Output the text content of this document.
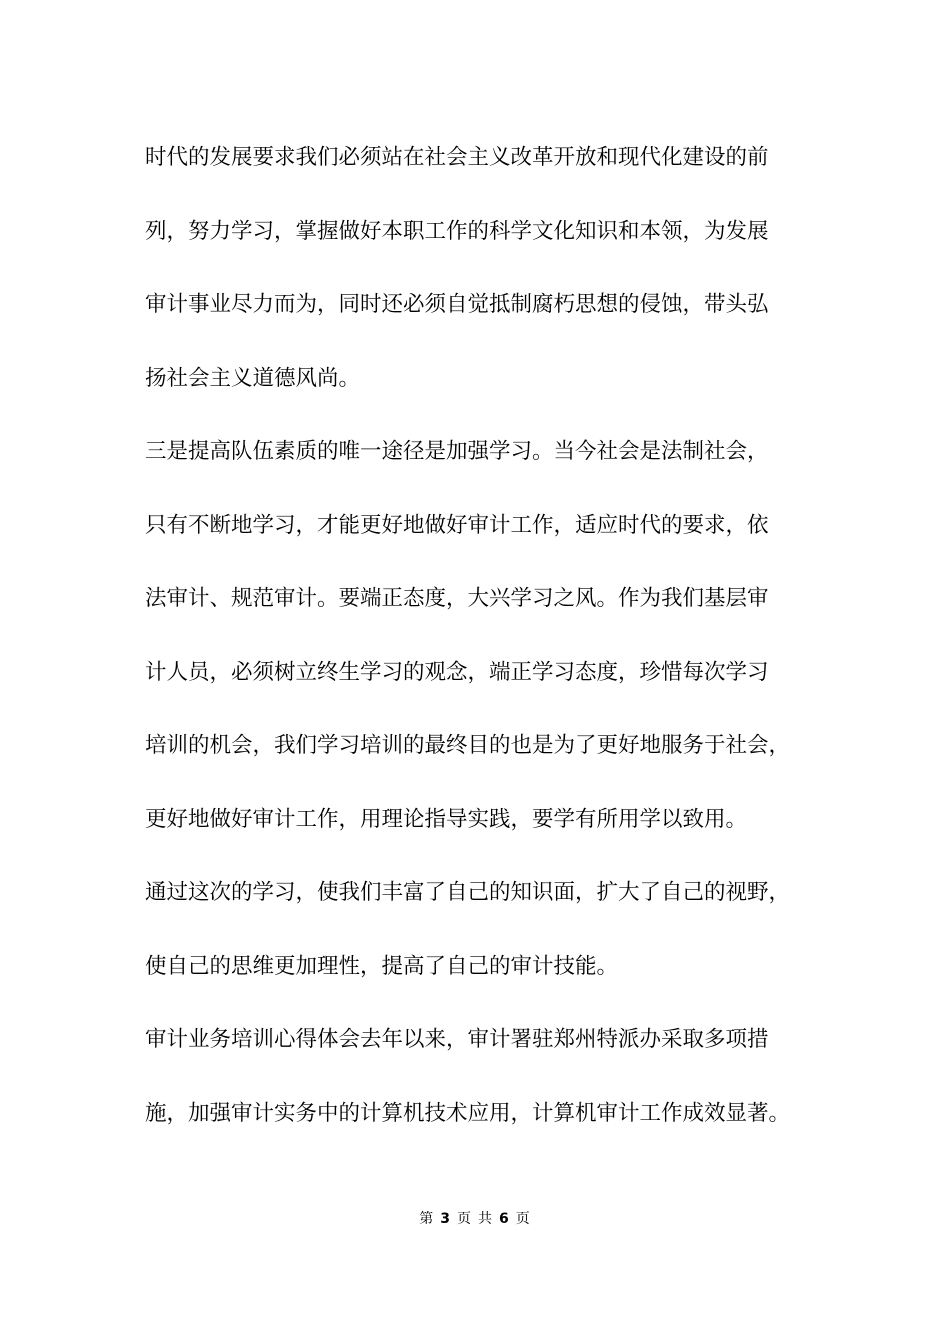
时代的发展要求我们必须站在社会主义改革开放和现代化建设的前
列，努力学习，掌握做好本职工作的科学文化知识和本领，为发展
审计事业尽力而为，同时还必须自觉抵制腐朽思想的侵蚀，带头弘
扬社会主义道德风尚。
三是提高队伍素质的唯一途径是加强学习。当今社会是法制社会，
只有不断地学习，才能更好地做好审计工作，适应时代的要求，依
法审计、规范审计。要端正态度，大兴学习之风。作为我们基层审
计人员，必须树立终生学习的观念，端正学习态度，珍惜每次学习
培训的机会，我们学习培训的最终目的也是为了更好地服务于社会，
更好地做好审计工作，用理论指导实践，要学有所用学以致用。
通过这次的学习，使我们丰富了自己的知识面，扩大了自己的视野，
使自己的思维更加理性，提高了自己的审计技能。
审计业务培训心得体会去年以来，审计署驻郑州特派办采取多项措
施，加强审计实务中的计算机技术应用，计算机审计工作成效显著。
第 3 页 共 6 页
